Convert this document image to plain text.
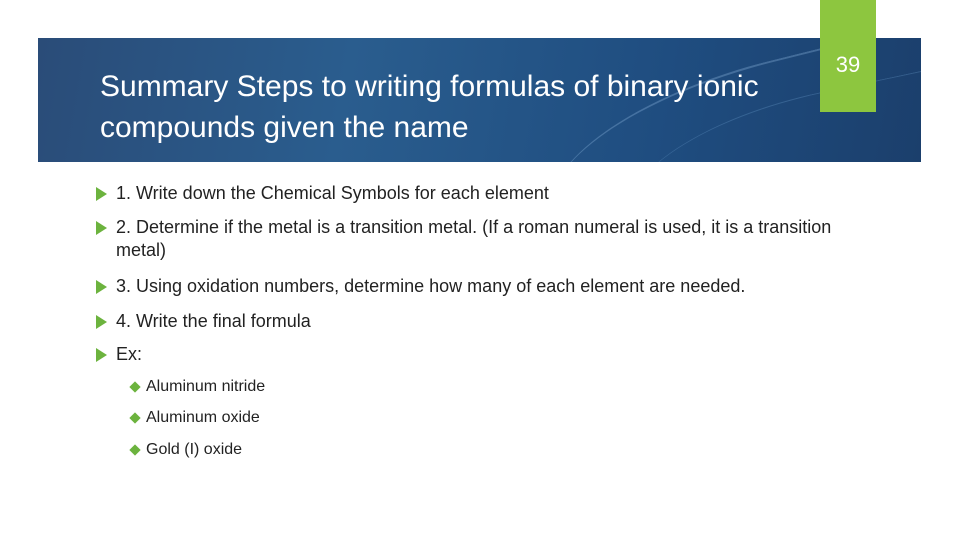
Summary Steps to writing formulas of binary ionic compounds given the name
39
1. Write down the Chemical Symbols for each element
2. Determine if the metal is a transition metal. (If a roman numeral is used, it is a transition metal)
3. Using oxidation numbers, determine how many of each element are needed.
4. Write the final formula
Ex:
Aluminum nitride
Aluminum oxide
Gold (I) oxide
